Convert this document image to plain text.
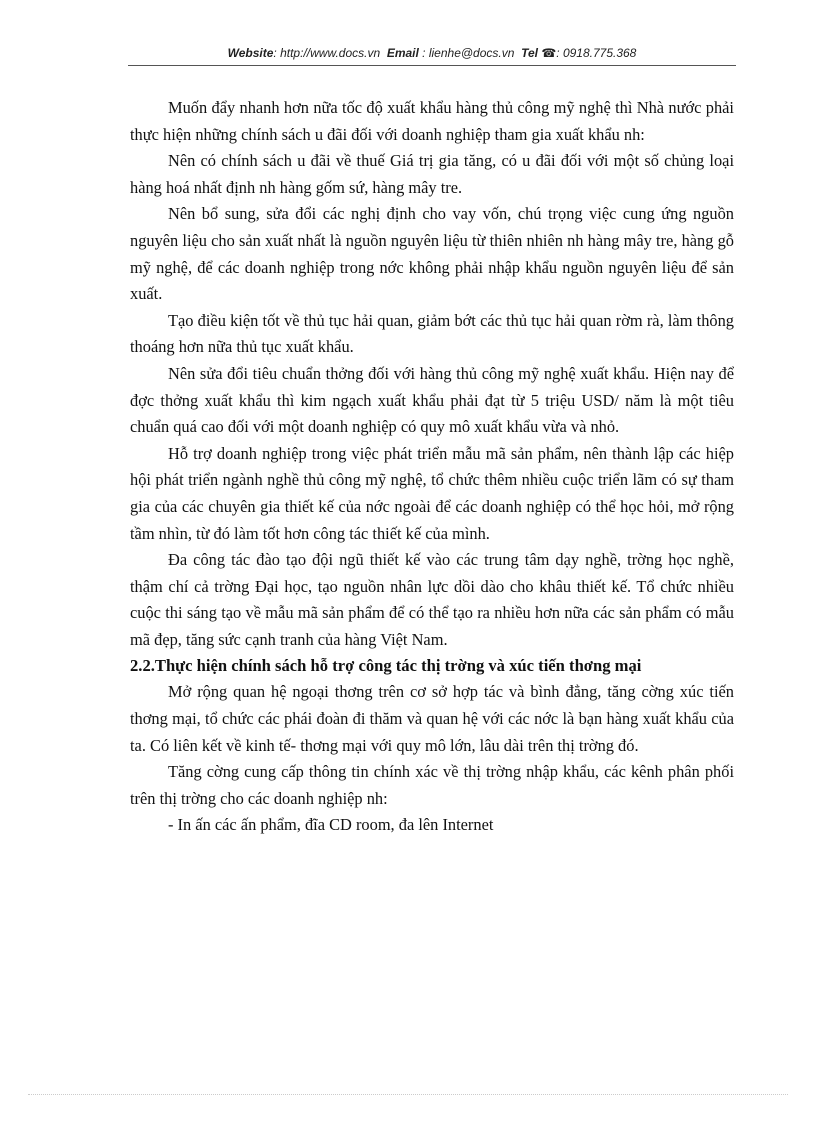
Website: http://www.docs.vn Email : lienhe@docs.vn Tel ☎: 0918.775.368

Muốn đẩy nhanh hơn nữa tốc độ xuất khẩu hàng thủ công mỹ nghệ thì Nhà nước phải thực hiện những chính sách u đãi đối với doanh nghiệp tham gia xuất khẩu nh:

Nên có chính sách u đãi về thuế Giá trị gia tăng, có u đãi đối với một số chủng loại hàng hoá nhất định nh hàng gốm sứ, hàng mây tre.

Nên bổ sung, sửa đổi các nghị định cho vay vốn, chú trọng việc cung ứng nguồn nguyên liệu cho sản xuất nhất là nguồn nguyên liệu từ thiên nhiên nh hàng mây tre, hàng gỗ mỹ nghệ, để các doanh nghiệp trong nớc không phải nhập khẩu nguồn nguyên liệu để sản xuất.

Tạo điều kiện tốt về thủ tục hải quan, giảm bớt các thủ tục hải quan rờm rà, làm thông thoáng hơn nữa thủ tục xuất khẩu.

Nên sửa đổi tiêu chuẩn thởng đối với hàng thủ công mỹ nghệ xuất khẩu. Hiện nay để đợc thởng xuất khẩu thì kim ngạch xuất khẩu phải đạt từ 5 triệu USD/ năm là một tiêu chuẩn quá cao đối với một doanh nghiệp có quy mô xuất khẩu vừa và nhỏ.

Hỗ trợ doanh nghiệp trong việc phát triển mẫu mã sản phẩm, nên thành lập các hiệp hội phát triển ngành nghề thủ công mỹ nghệ, tổ chức thêm nhiều cuộc triển lãm có sự tham gia của các chuyên gia thiết kế của nớc ngoài để các doanh nghiệp có thể học hỏi, mở rộng tầm nhìn, từ đó làm tốt hơn công tác thiết kế của mình.

Đa công tác đào tạo đội ngũ thiết kế vào các trung tâm dạy nghề, trờng học nghề, thậm chí cả trờng Đại học, tạo nguồn nhân lực dồi dào cho khâu thiết kế. Tổ chức nhiều cuộc thi sáng tạo về mẫu mã sản phẩm để có thể tạo ra nhiều hơn nữa các sản phẩm có mẫu mã đẹp, tăng sức cạnh tranh của hàng Việt Nam.

2.2.Thực hiện chính sách hỗ trợ công tác thị trờng và xúc tiến thơng mại

Mở rộng quan hệ ngoại thơng trên cơ sở hợp tác và bình đẳng, tăng cờng xúc tiến thơng mại, tổ chức các phái đoàn đi thăm và quan hệ với các nớc là bạn hàng xuất khẩu của ta. Có liên kết về kinh tế- thơng mại với quy mô lớn, lâu dài trên thị trờng đó.

Tăng cờng cung cấp thông tin chính xác về thị trờng nhập khẩu, các kênh phân phối trên thị trờng cho các doanh nghiệp nh:

- In ấn các ấn phẩm, đĩa CD room, đa lên Internet
